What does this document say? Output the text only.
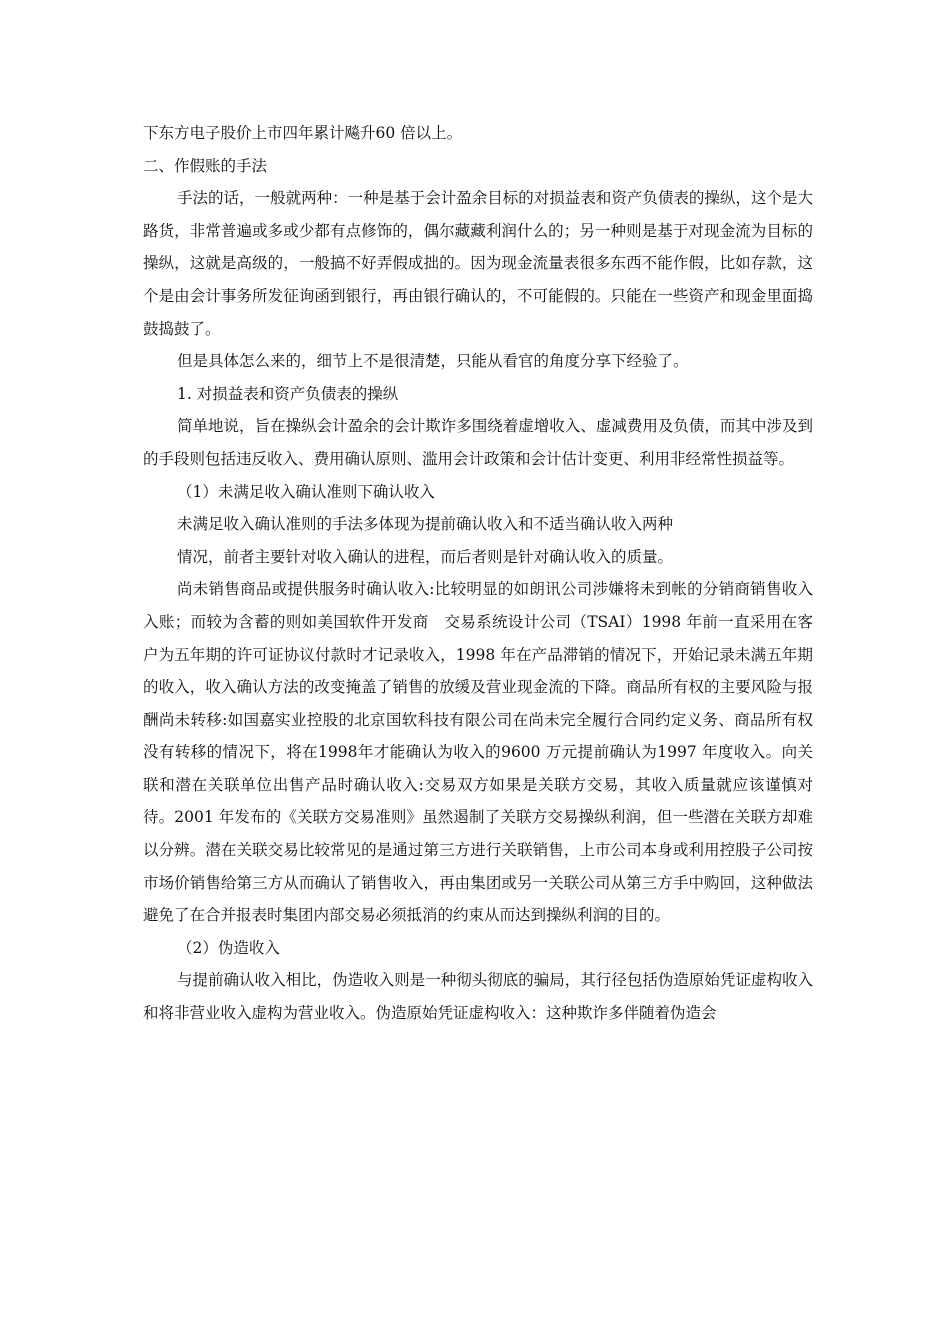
下东方电子股价上市四年累计飚升60 倍以上。

二、作假账的手法

手法的话，一般就两种：一种是基于会计盈余目标的对损益表和资产负债表的操纵，这个是大路货，非常普遍或多或少都有点修饰的，偶尔藏藏利润什么的；另一种则是基于对现金流为目标的操纵，这就是高级的，一般搞不好弄假成拙的。因为现金流量表很多东西不能作假，比如存款，这个是由会计事务所发征询函到银行，再由银行确认的，不可能假的。只能在一些资产和现金里面捣鼓捣鼓了。

但是具体怎么来的，细节上不是很清楚，只能从看官的角度分享下经验了。

1. 对损益表和资产负债表的操纵

简单地说，旨在操纵会计盈余的会计欺诈多围绕着虚增收入、虚减费用及负债，而其中涉及到的手段则包括违反收入、费用确认原则、滥用会计政策和会计估计变更、利用非经常性损益等。

（1）未满足收入确认准则下确认收入

未满足收入确认准则的手法多体现为提前确认收入和不适当确认收入两种

情况，前者主要针对收入确认的进程，而后者则是针对确认收入的质量。

尚未销售商品或提供服务时确认收入:比较明显的如朗讯公司涉嫌将未到帐的分销商销售收入入账；而较为含蓄的则如美国软件开发商　交易系统设计公司（TSAI）1998 年前一直采用在客户为五年期的许可证协议付款时才记录收入，1998 年在产品滞销的情况下，开始记录未满五年期的收入，收入确认方法的改变掩盖了销售的放缓及营业现金流的下降。商品所有权的主要风险与报酬尚未转移:如国嘉实业控股的北京国软科技有限公司在尚未完全履行合同约定义务、商品所有权没有转移的情况下，将在1998年才能确认为收入的9600 万元提前确认为1997 年度收入。向关联和潜在关联单位出售产品时确认收入:交易双方如果是关联方交易，其收入质量就应该谨慎对待。2001 年发布的《关联方交易准则》虽然遏制了关联方交易操纵利润，但一些潜在关联方却难以分辨。潜在关联交易比较常见的是通过第三方进行关联销售，上市公司本身或利用控股子公司按市场价销售给第三方从而确认了销售收入，再由集团或另一关联公司从第三方手中购回，这种做法避免了在合并报表时集团内部交易必须抵消的约束从而达到操纵利润的目的。

（2）伪造收入

与提前确认收入相比，伪造收入则是一种彻头彻底的骗局，其行径包括伪造原始凭证虚构收入和将非营业收入虚构为营业收入。伪造原始凭证虚构收入：这种欺诈多伴随着伪造会
